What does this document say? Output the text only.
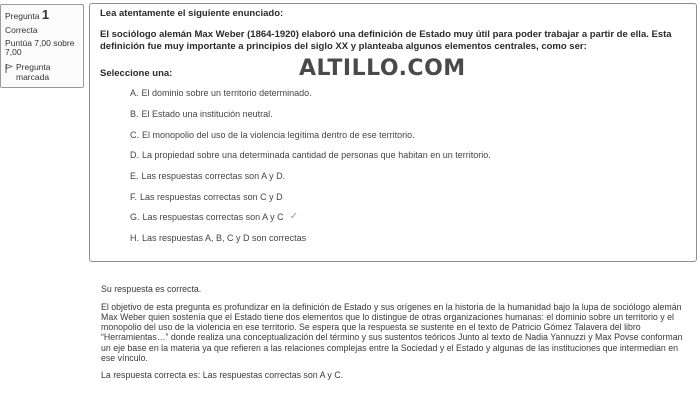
Pregunta 1
Correcta
Puntúa 7,00 sobre 7,00
Pregunta marcada

Lea atentamente el siguiente enunciado:

El sociólogo alemán Max Weber (1864-1920) elaboró una definición de Estado muy útil para poder trabajar a partir de ella. Esta definición fue muy importante a principios del siglo XX y planteaba algunos elementos centrales, como ser:

Seleccione una:
A. El dominio sobre un territorio determinado.
B. El Estado una institución neutral.
C. El monopolio del uso de la violencia legítima dentro de ese territorio.
D. La propiedad sobre una determinada cantidad de personas que habitan en un territorio.
E. Las respuestas correctas son A y D.
F. Las respuestas correctas son C y D
G. Las respuestas correctas son A y C ✓
H. Las respuestas A, B, C y D son correctas
ALTILLO.COM

Su respuesta es correcta.

El objetivo de esta pregunta es profundizar en la definición de Estado y sus orígenes en la historia de la humanidad bajo la lupa de sociólogo alemán Max Weber quien sostenía que el Estado tiene dos elementos que lo distingue de otras organizaciones humanas: el dominio sobre un territorio y el monopolio del uso de la violencia en ese territorio. Se espera que la respuesta se sustente en el texto de Patricio Gómez Talavera del libro “Herramientas…” donde realiza una conceptualización del término y sus sustentos teóricos Junto al texto de Nadia Yannuzzi y Max Povse conforman un eje base en la materia ya que refieren a las relaciones complejas entre la Sociedad y el Estado y algunas de las instituciones que intermedian en ese vínculo.

La respuesta correcta es: Las respuestas correctas son A y C.
